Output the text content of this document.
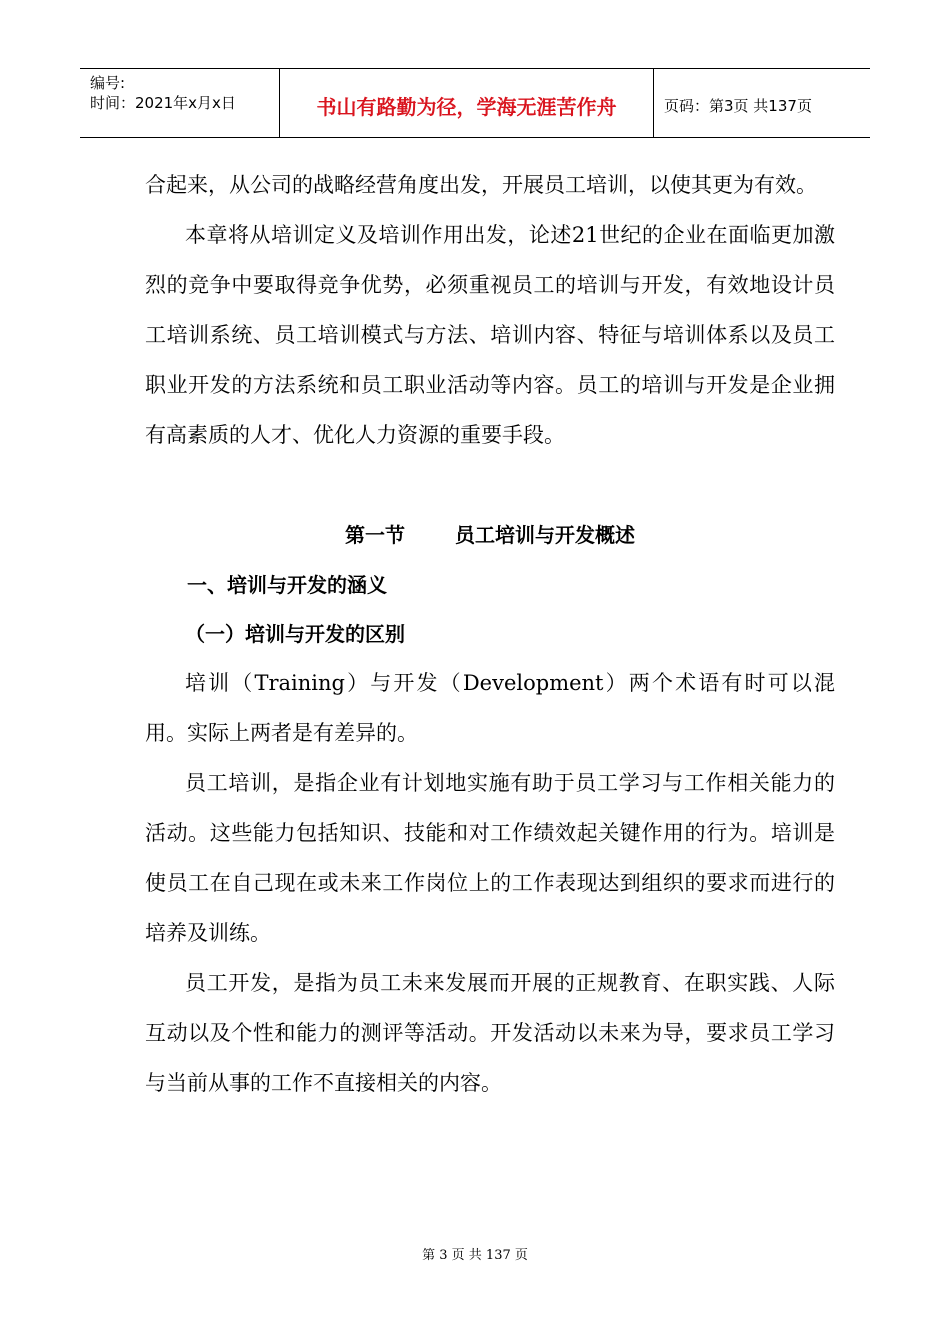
编号:
时间：2021年x月x日	书山有路勤为径，学海无涯苦作舟	页码：第3页 共137页

合起来，从公司的战略经营角度出发，开展员工培训，以使其更为有效。

本章将从培训定义及培训作用出发，论述21世纪的企业在面临更加激烈的竞争中要取得竞争优势，必须重视员工的培训与开发，有效地设计员工培训系统、员工培训模式与方法、培训内容、特征与培训体系以及员工职业开发的方法系统和员工职业活动等内容。员工的培训与开发是企业拥有高素质的人才、优化人力资源的重要手段。

第一节	员工培训与开发概述

一、培训与开发的涵义

（一）培训与开发的区别

培训（Training）与开发（Development）两个术语有时可以混用。实际上两者是有差异的。

员工培训，是指企业有计划地实施有助于员工学习与工作相关能力的活动。这些能力包括知识、技能和对工作绩效起关键作用的行为。培训是使员工在自己现在或未来工作岗位上的工作表现达到组织的要求而进行的培养及训练。

员工开发，是指为员工未来发展而开展的正规教育、在职实践、人际互动以及个性和能力的测评等活动。开发活动以未来为导，要求员工学习与当前从事的工作不直接相关的内容。

第 3 页 共 137 页
